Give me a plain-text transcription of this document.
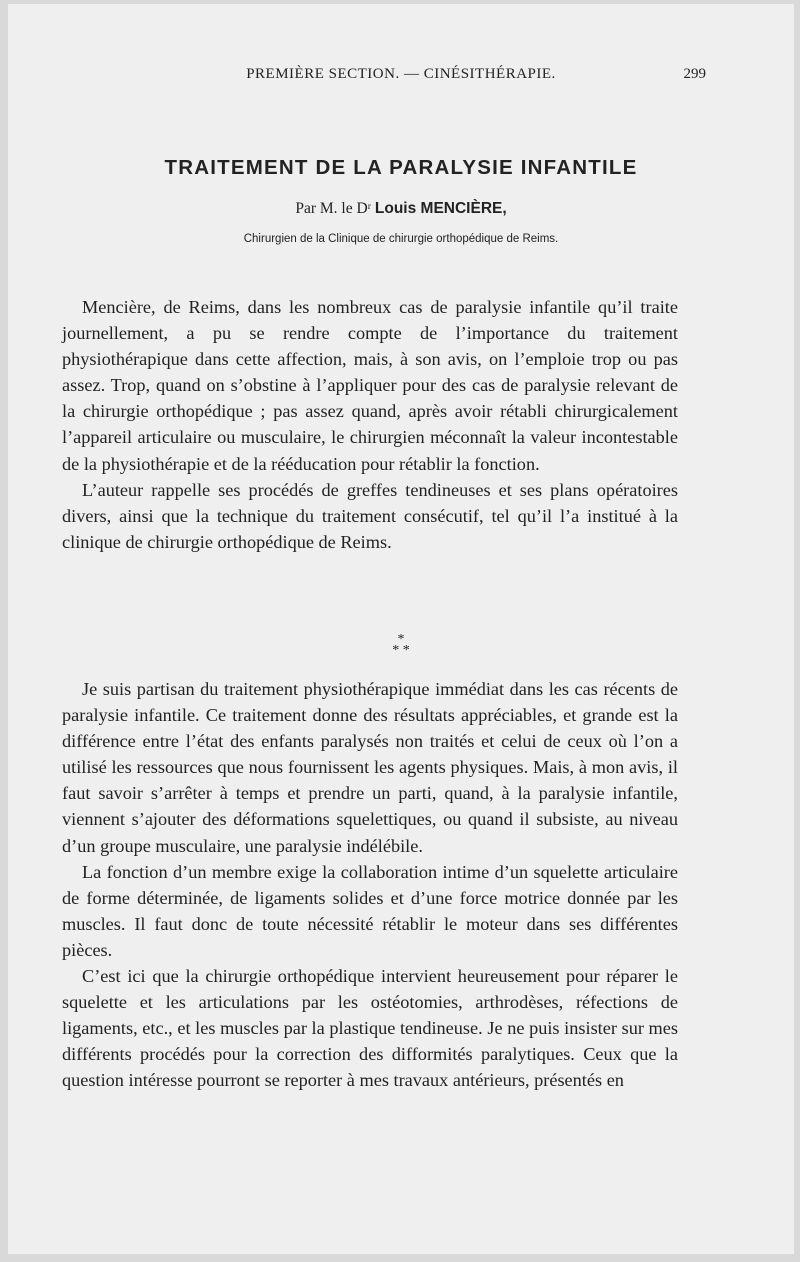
PREMIÈRE SECTION. — CINÉSITHÉRAPIE.	299
TRAITEMENT DE LA PARALYSIE INFANTILE
Par M. le Dʳ Louis MENCIÈRE,
Chirurgien de la Clinique de chirurgie orthopédique de Reims.

Mencière, de Reims, dans les nombreux cas de paralysie infantile qu’il traite journellement, a pu se rendre compte de l’importance du traitement physiothérapique dans cette affection, mais, à son avis, on l’emploie trop ou pas assez. Trop, quand on s’obstine à l’appliquer pour des cas de paralysie relevant de la chirurgie orthopédique ; pas assez quand, après avoir rétabli chirurgicalement l’appareil articulaire ou musculaire, le chirurgien méconnaît la valeur incontestable de la physiothérapie et de la rééducation pour rétablir la fonction.

L’auteur rappelle ses procédés de greffes tendineuses et ses plans opératoires divers, ainsi que la technique du traitement consécutif, tel qu’il l’a institué à la clinique de chirurgie orthopédique de Reims.

*
* *

Je suis partisan du traitement physiothérapique immédiat dans les cas récents de paralysie infantile. Ce traitement donne des résultats appréciables, et grande est la différence entre l’état des enfants paralysés non traités et celui de ceux où l’on a utilisé les ressources que nous fournissent les agents physiques. Mais, à mon avis, il faut savoir s’arrêter à temps et prendre un parti, quand, à la paralysie infantile, viennent s’ajouter des déformations squelettiques, ou quand il subsiste, au niveau d’un groupe musculaire, une paralysie indélébile.

La fonction d’un membre exige la collaboration intime d’un squelette articulaire de forme déterminée, de ligaments solides et d’une force motrice donnée par les muscles. Il faut donc de toute nécessité rétablir le moteur dans ses différentes pièces.

C’est ici que la chirurgie orthopédique intervient heureusement pour réparer le squelette et les articulations par les ostéotomies, arthrodèses, réfections de ligaments, etc., et les muscles par la plastique tendineuse. Je ne puis insister sur mes différents procédés pour la correction des difformités paralytiques. Ceux que la question intéresse pourront se reporter à mes travaux antérieurs, présentés en
